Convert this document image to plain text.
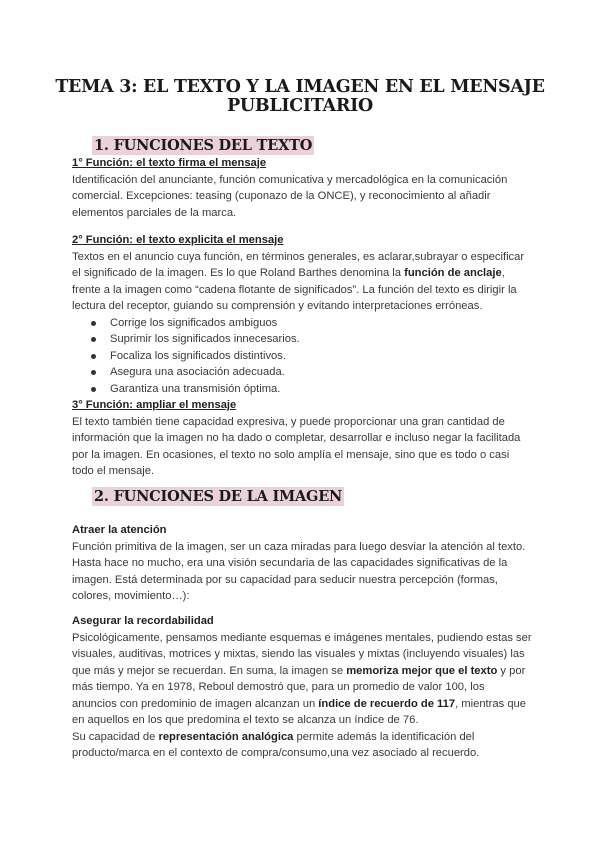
TEMA 3: EL TEXTO Y LA IMAGEN EN EL MENSAJE
PUBLICITARIO
1. FUNCIONES DEL TEXTO
1° Función: el texto firma el mensaje
Identificación del anunciante, función comunicativa y mercadológica en la comunicación
comercial. Excepciones: teasing (cuponazo de la ONCE), y reconocimiento al añadir
elementos parciales de la marca.
2° Función: el texto explicita el mensaje
Textos en el anuncio cuya función, en términos generales, es aclarar,subrayar o especificar
el significado de la imagen. Es lo que Roland Barthes denomina la función de anclaje,
frente a la imagen como “cadena flotante de significados”. La función del texto es dirigir la
lectura del receptor, guiando su comprensión y evitando interpretaciones erróneas.
Corrige los significados ambiguos
Suprimir los significados innecesarios.
Focaliza los significados distintivos.
Asegura una asociación adecuada.
Garantiza una transmisión óptima.
3° Función: ampliar el mensaje
El texto también tiene capacidad expresiva, y puede proporcionar una gran cantidad de
información que la imagen no ha dado o completar, desarrollar e incluso negar la facilitada
por la imagen. En ocasiones, el texto no solo amplía el mensaje, sino que es todo o casi
todo el mensaje.
2. FUNCIONES DE LA IMAGEN
Atraer la atención
Función primitiva de la imagen, ser un caza miradas para luego desviar la atención al texto.
Hasta hace no mucho, era una visión secundaria de las capacidades significativas de la
imagen. Está determinada por su capacidad para seducir nuestra percepción (formas,
colores, movimiento…):
Asegurar la recordabilidad
Psicológicamente, pensamos mediante esquemas e imágenes mentales, pudiendo estas ser
visuales, auditivas, motrices y mixtas, siendo las visuales y mixtas (incluyendo visuales) las
que más y mejor se recuerdan. En suma, la imagen se memoriza mejor que el texto y por
más tiempo. Ya en 1978, Reboul demostró que, para un promedio de valor 100, los
anuncios con predominio de imagen alcanzan un índice de recuerdo de 117, mientras que
en aquellos en los que predomina el texto se alcanza un índice de 76.
Su capacidad de representación analógica permite además la identificación del
producto/marca en el contexto de compra/consumo,una vez asociado al recuerdo.
